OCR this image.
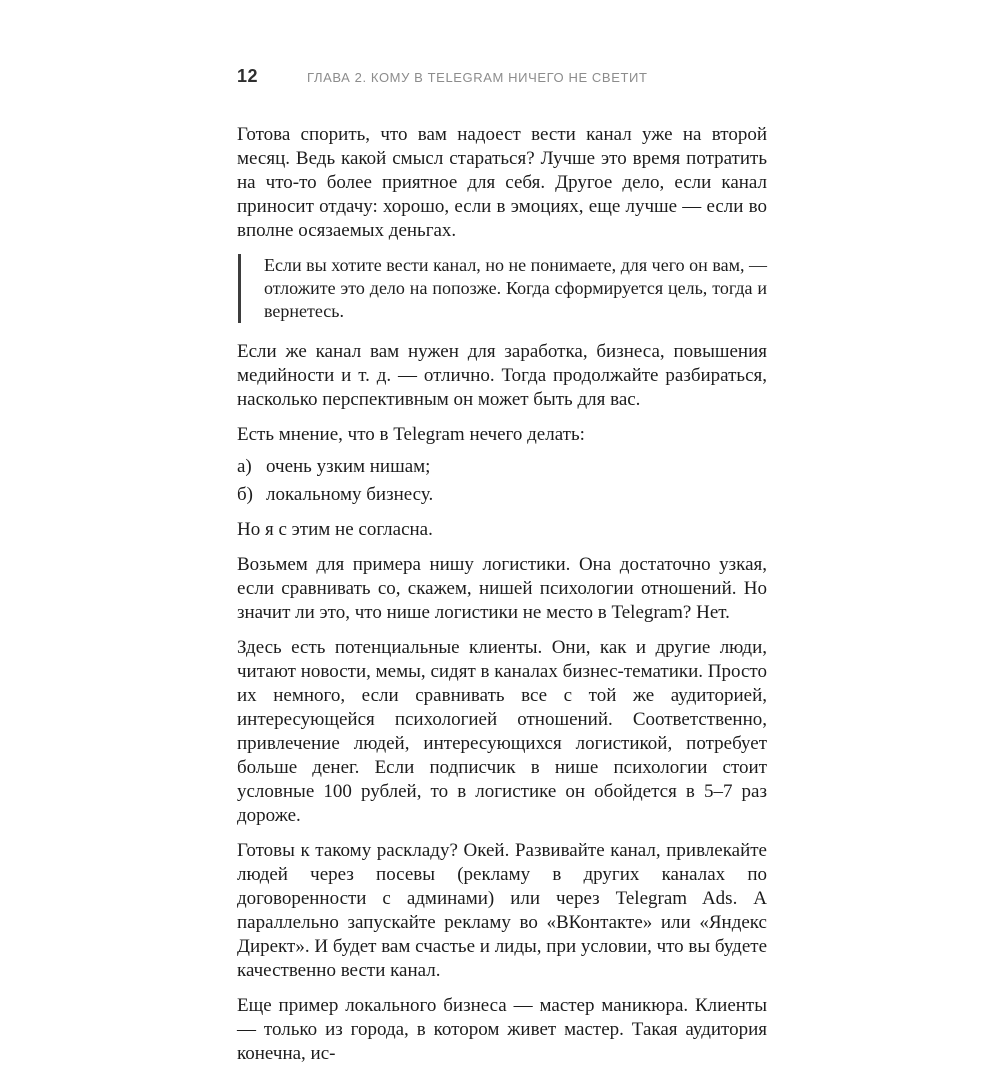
12	ГЛАВА 2. КОМУ В TELEGRAM НИЧЕГО НЕ СВЕТИТ

Готова спорить, что вам надоест вести канал уже на второй месяц. Ведь какой смысл стараться? Лучше это время потратить на что-то более приятное для себя. Другое дело, если канал приносит отдачу: хорошо, если в эмоциях, еще лучше — если во вполне осязаемых деньгах.

Если вы хотите вести канал, но не понимаете, для чего он вам, — отложите это дело на попозже. Когда сформируется цель, тогда и вернетесь.

Если же канал вам нужен для заработка, бизнеса, повышения медийности и т. д. — отлично. Тогда продолжайте разбираться, насколько перспективным он может быть для вас.

Есть мнение, что в Telegram нечего делать:

а) очень узким нишам;
б) локальному бизнесу.

Но я с этим не согласна.

Возьмем для примера нишу логистики. Она достаточно узкая, если сравнивать со, скажем, нишей психологии отношений. Но значит ли это, что нише логистики не место в Telegram? Нет.

Здесь есть потенциальные клиенты. Они, как и другие люди, читают новости, мемы, сидят в каналах бизнес-тематики. Просто их немного, если сравнивать все с той же аудиторией, интересующейся психологией отношений. Соответственно, привлечение людей, интересующихся логистикой, потребует больше денег. Если подписчик в нише психологии стоит условные 100 рублей, то в логистике он обойдется в 5–7 раз дороже.

Готовы к такому раскладу? Окей. Развивайте канал, привлекайте людей через посевы (рекламу в других каналах по договоренности с админами) или через Telegram Ads. А параллельно запускайте рекламу во «ВКонтакте» или «Яндекс Директ». И будет вам счастье и лиды, при условии, что вы будете качественно вести канал.

Еще пример локального бизнеса — мастер маникюра. Клиенты — только из города, в котором живет мастер. Такая аудитория конечна, ис-
